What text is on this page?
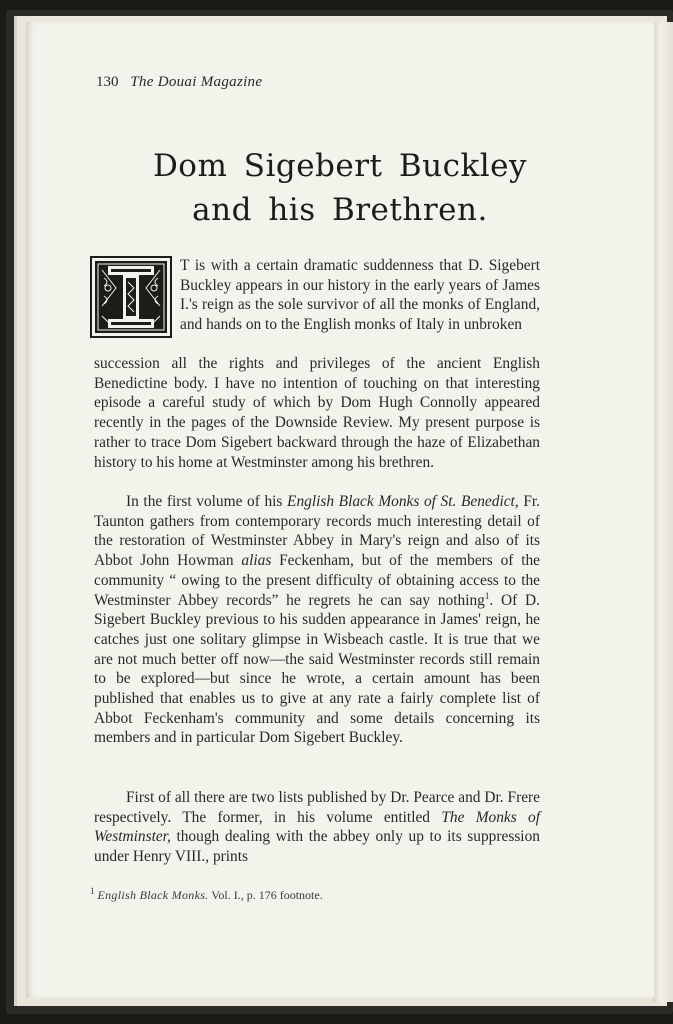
130 The Douai Magazine
Dom Sigebert Buckley
and his Brethren.

T is with a certain dramatic suddenness that D. Sigebert Buckley appears in our history in the early years of James I.'s reign as the sole survivor of all the monks of England, and hands on to the English monks of Italy in unbroken

succession all the rights and privileges of the ancient English Benedictine body. I have no intention of touching on that interesting episode a careful study of which by Dom Hugh Connolly appeared recently in the pages of the Downside Review. My present purpose is rather to trace Dom Sigebert backward through the haze of Elizabethan history to his home at Westminster among his brethren.

In the first volume of his English Black Monks of St. Benedict, Fr. Taunton gathers from contemporary records much interesting detail of the restoration of Westminster Abbey in Mary's reign and also of its Abbot John Howman alias Feckenham, but of the members of the community “ owing to the present difficulty of obtaining access to the Westminster Abbey records” he regrets he can say nothing$^1$. Of D. Sigebert Buckley previous to his sudden appearance in James' reign, he catches just one solitary glimpse in Wisbeach castle. It is true that we are not much better off now—the said Westminster records still remain to be explored—but since he wrote, a certain amount has been published that enables us to give at any rate a fairly complete list of Abbot Feckenham's community and some details concerning its members and in particular Dom Sigebert Buckley.

First of all there are two lists published by Dr. Pearce and Dr. Frere respectively. The former, in his volume entitled The Monks of Westminster, though dealing with the abbey only up to its suppression under Henry VIII., prints

$^1$ English Black Monks. Vol. I., p. 176 footnote.
